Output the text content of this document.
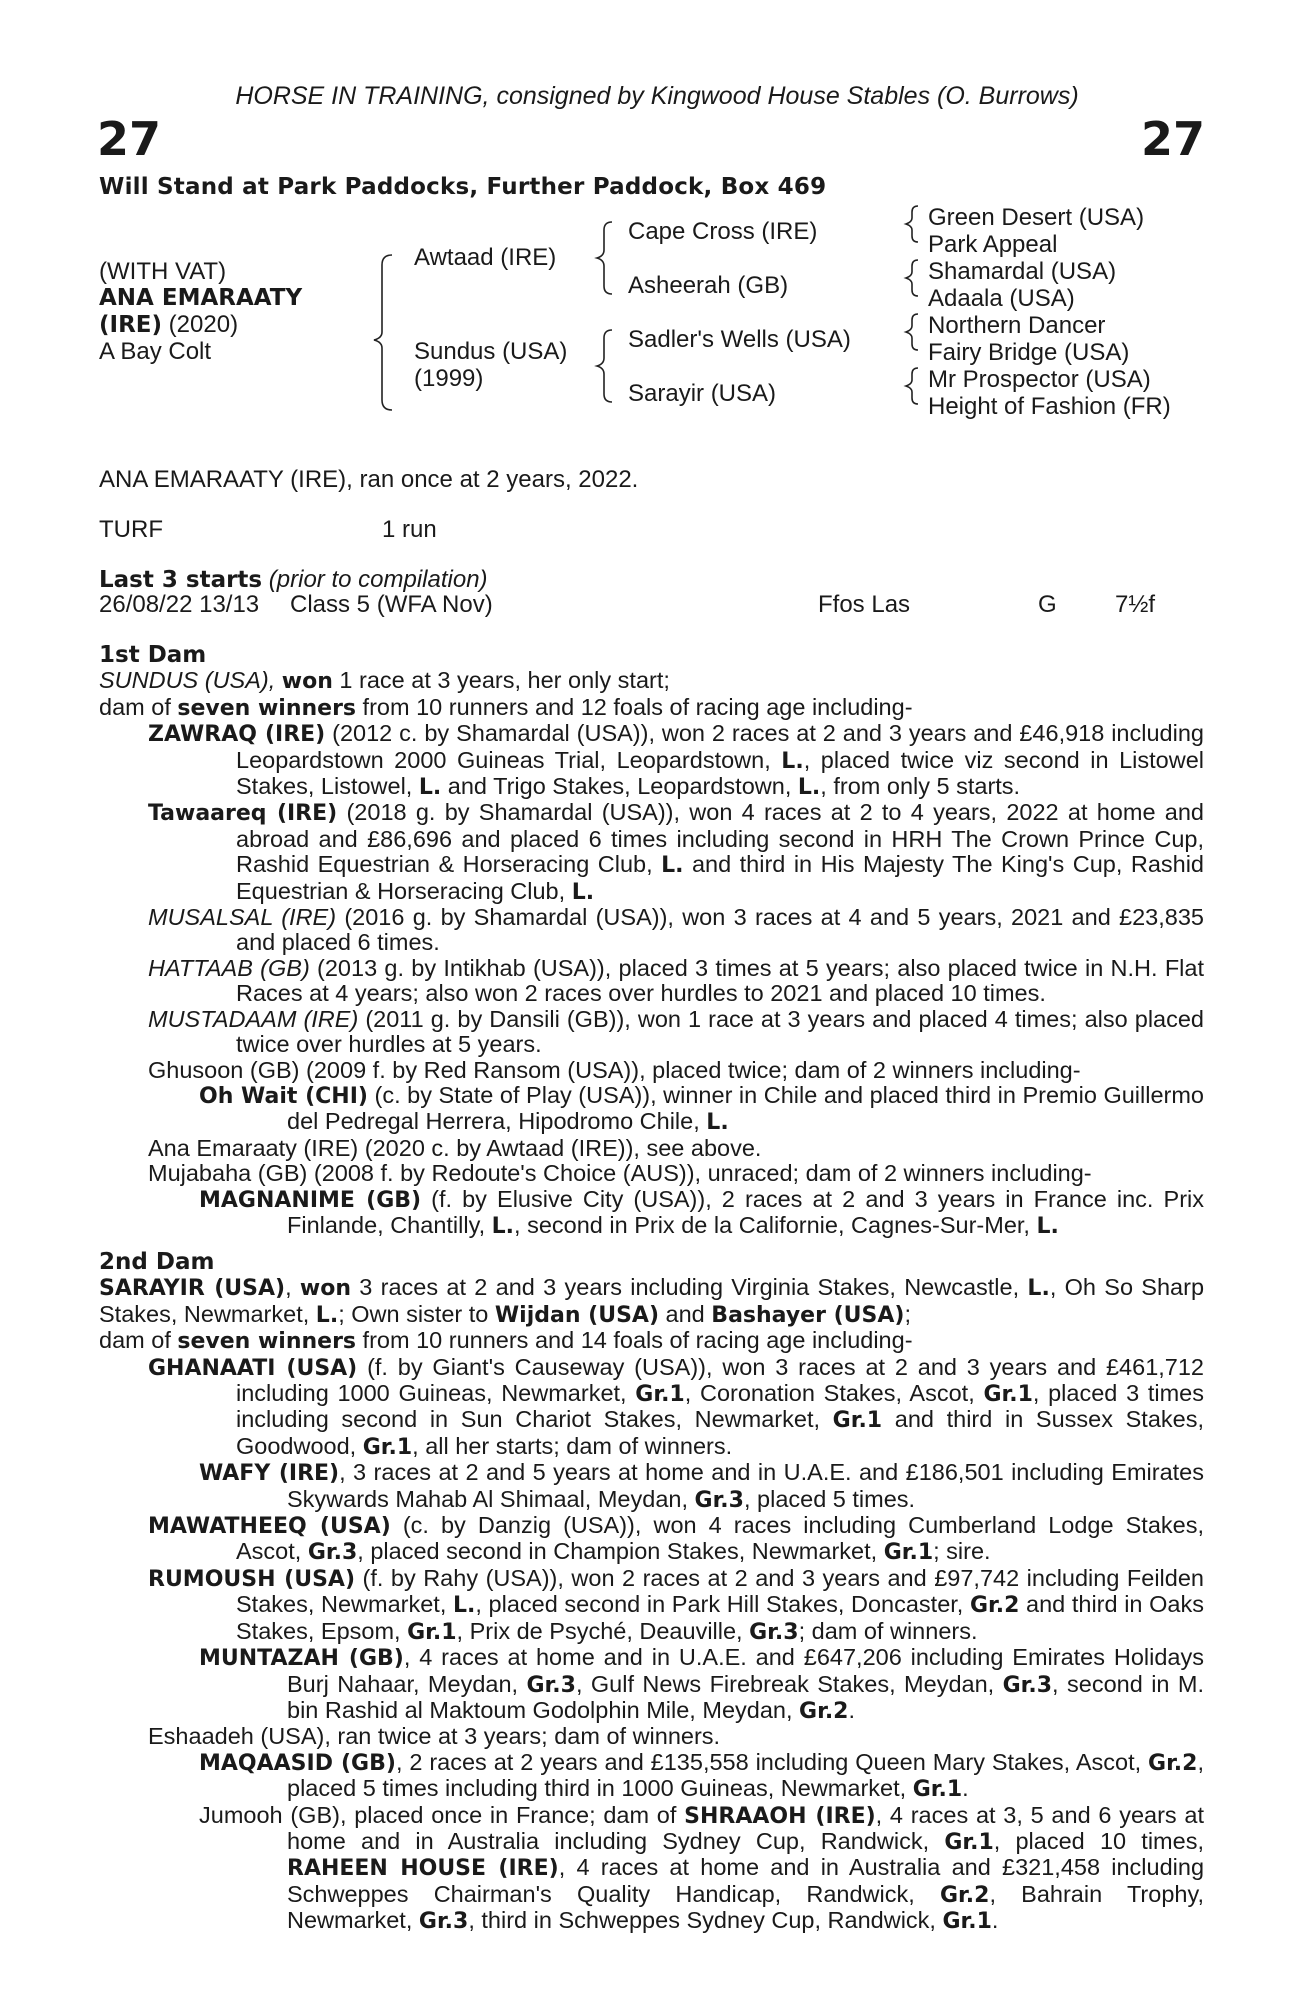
HORSE IN TRAINING, consigned by Kingwood House Stables (O. Burrows)
27	27
Will Stand at Park Paddocks, Further Paddock, Box 469
(WITH VAT)
ANA EMARAATY
(IRE) (2020)
A Bay Colt
Awtaad (IRE)
Sundus (USA)
(1999)
Cape Cross (IRE)
Asheerah (GB)
Sadler's Wells (USA)
Sarayir (USA)
Green Desert (USA)
Park Appeal
Shamardal (USA)
Adaala (USA)
Northern Dancer
Fairy Bridge (USA)
Mr Prospector (USA)
Height of Fashion (FR)
ANA EMARAATY (IRE), ran once at 2 years, 2022.
TURF	1 run
Last 3 starts (prior to compilation)
26/08/22 13/13 Class 5 (WFA Nov)	Ffos Las	G 7½f

1st Dam

SUNDUS (USA), won 1 race at 3 years, her only start;

dam of seven winners from 10 runners and 12 foals of racing age including-

ZAWRAQ (IRE) (2012 c. by Shamardal (USA)), won 2 races at 2 and 3 years and £46,918 including Leopardstown 2000 Guineas Trial, Leopardstown, L., placed twice viz second in Listowel Stakes, Listowel, L. and Trigo Stakes, Leopardstown, L., from only 5 starts.

Tawaareq (IRE) (2018 g. by Shamardal (USA)), won 4 races at 2 to 4 years, 2022 at home and abroad and £86,696 and placed 6 times including second in HRH The Crown Prince Cup, Rashid Equestrian & Horseracing Club, L. and third in His Majesty The King's Cup, Rashid Equestrian & Horseracing Club, L.

MUSALSAL (IRE) (2016 g. by Shamardal (USA)), won 3 races at 4 and 5 years, 2021 and £23,835 and placed 6 times.

HATTAAB (GB) (2013 g. by Intikhab (USA)), placed 3 times at 5 years; also placed twice in N.H. Flat Races at 4 years; also won 2 races over hurdles to 2021 and placed 10 times.

MUSTADAAM (IRE) (2011 g. by Dansili (GB)), won 1 race at 3 years and placed 4 times; also placed twice over hurdles at 5 years.

Ghusoon (GB) (2009 f. by Red Ransom (USA)), placed twice; dam of 2 winners including-

Oh Wait (CHI) (c. by State of Play (USA)), winner in Chile and placed third in Premio Guillermo del Pedregal Herrera, Hipodromo Chile, L.

Ana Emaraaty (IRE) (2020 c. by Awtaad (IRE)), see above.

Mujabaha (GB) (2008 f. by Redoute's Choice (AUS)), unraced; dam of 2 winners including-

MAGNANIME (GB) (f. by Elusive City (USA)), 2 races at 2 and 3 years in France inc. Prix Finlande, Chantilly, L., second in Prix de la Californie, Cagnes-Sur-Mer, L.

2nd Dam

SARAYIR (USA), won 3 races at 2 and 3 years including Virginia Stakes, Newcastle, L., Oh So Sharp Stakes, Newmarket, L.; Own sister to Wijdan (USA) and Bashayer (USA);

dam of seven winners from 10 runners and 14 foals of racing age including-

GHANAATI (USA) (f. by Giant's Causeway (USA)), won 3 races at 2 and 3 years and £461,712 including 1000 Guineas, Newmarket, Gr.1, Coronation Stakes, Ascot, Gr.1, placed 3 times including second in Sun Chariot Stakes, Newmarket, Gr.1 and third in Sussex Stakes, Goodwood, Gr.1, all her starts; dam of winners.

WAFY (IRE), 3 races at 2 and 5 years at home and in U.A.E. and £186,501 including Emirates Skywards Mahab Al Shimaal, Meydan, Gr.3, placed 5 times.

MAWATHEEQ (USA) (c. by Danzig (USA)), won 4 races including Cumberland Lodge Stakes, Ascot, Gr.3, placed second in Champion Stakes, Newmarket, Gr.1; sire.

RUMOUSH (USA) (f. by Rahy (USA)), won 2 races at 2 and 3 years and £97,742 including Feilden Stakes, Newmarket, L., placed second in Park Hill Stakes, Doncaster, Gr.2 and third in Oaks Stakes, Epsom, Gr.1, Prix de Psyché, Deauville, Gr.3; dam of winners.

MUNTAZAH (GB), 4 races at home and in U.A.E. and £647,206 including Emirates Holidays Burj Nahaar, Meydan, Gr.3, Gulf News Firebreak Stakes, Meydan, Gr.3, second in M. bin Rashid al Maktoum Godolphin Mile, Meydan, Gr.2.

Eshaadeh (USA), ran twice at 3 years; dam of winners.

MAQAASID (GB), 2 races at 2 years and £135,558 including Queen Mary Stakes, Ascot, Gr.2, placed 5 times including third in 1000 Guineas, Newmarket, Gr.1.

Jumooh (GB), placed once in France; dam of SHRAAOH (IRE), 4 races at 3, 5 and 6 years at home and in Australia including Sydney Cup, Randwick, Gr.1, placed 10 times, RAHEEN HOUSE (IRE), 4 races at home and in Australia and £321,458 including Schweppes Chairman's Quality Handicap, Randwick, Gr.2, Bahrain Trophy, Newmarket, Gr.3, third in Schweppes Sydney Cup, Randwick, Gr.1.
